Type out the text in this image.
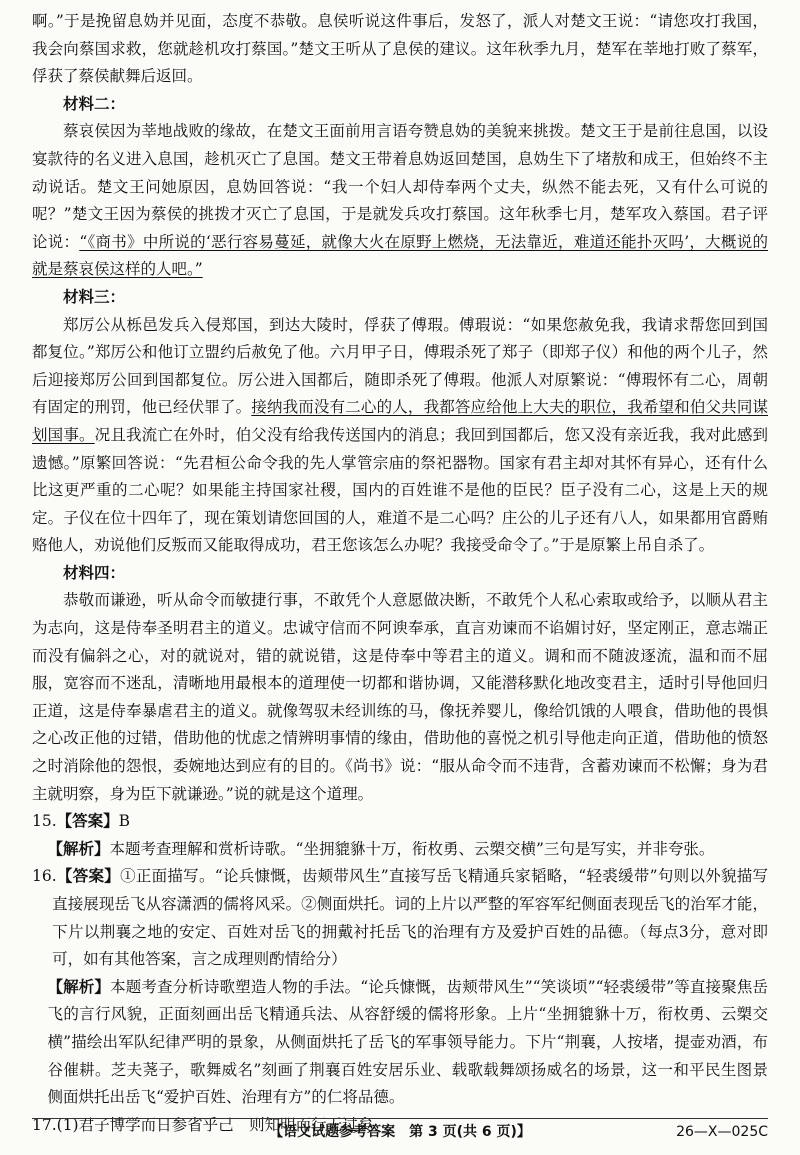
啊。”于是挽留息妫并见面，态度不恭敬。息侯听说这件事后，发怒了，派人对楚文王说：“请您攻打我国，我会向蔡国求救，您就趁机攻打蔡国。”楚文王听从了息侯的建议。这年秋季九月，楚军在莘地打败了蔡军，俘获了蔡侯献舞后返回。

材料二：

蔡哀侯因为莘地战败的缘故，在楚文王面前用言语夸赞息妫的美貌来挑拨。楚文王于是前往息国，以设宴款待的名义进入息国，趁机灭亡了息国。楚文王带着息妫返回楚国，息妫生下了堵敖和成王，但始终不主动说话。楚文王问她原因，息妫回答说：“我一个妇人却侍奉两个丈夫，纵然不能去死，又有什么可说的呢？”楚文王因为蔡侯的挑拨才灭亡了息国，于是就发兵攻打蔡国。这年秋季七月，楚军攻入蔡国。君子评论说：“《商书》中所说的‘恶行容易蔓延，就像大火在原野上燃烧，无法靠近，难道还能扑灭吗’，大概说的就是蔡哀侯这样的人吧。”

材料三：

郑厉公从栎邑发兵入侵郑国，到达大陵时，俘获了傅瑕。傅瑕说：“如果您赦免我，我请求帮您回到国都复位。”郑厉公和他订立盟约后赦免了他。六月甲子日，傅瑕杀死了郑子（即郑子仪）和他的两个儿子，然后迎接郑厉公回到国都复位。厉公进入国都后，随即杀死了傅瑕。他派人对原繁说：“傅瑕怀有二心，周朝有固定的刑罚，他已经伏罪了。接纳我而没有二心的人，我都答应给他上大夫的职位，我希望和伯父共同谋划国事。况且我流亡在外时，伯父没有给我传送国内的消息；我回到国都后，您又没有亲近我，我对此感到遗憾。”原繁回答说：“先君桓公命令我的先人掌管宗庙的祭祀器物。国家有君主却对其怀有异心，还有什么比这更严重的二心呢？如果能主持国家社稷，国内的百姓谁不是他的臣民？臣子没有二心，这是上天的规定。子仪在位十四年了，现在策划请您回国的人，难道不是二心吗？庄公的儿子还有八人，如果都用官爵贿赂他人，劝说他们反叛而又能取得成功，君王您该怎么办呢？我接受命令了。”于是原繁上吊自杀了。

材料四：

恭敬而谦逊，听从命令而敏捷行事，不敢凭个人意愿做决断，不敢凭个人私心索取或给予，以顺从君主为志向，这是侍奉圣明君主的道义。忠诚守信而不阿谀奉承，直言劝谏而不谄媚讨好，坚定刚正，意志端正而没有偏斜之心，对的就说对，错的就说错，这是侍奉中等君主的道义。调和而不随波逐流，温和而不屈服，宽容而不迷乱，清晰地用最根本的道理使一切都和谐协调，又能潜移默化地改变君主，适时引导他回归正道，这是侍奉暴虐君主的道义。就像驾驭未经训练的马，像抚养婴儿，像给饥饿的人喂食，借助他的畏惧之心改正他的过错，借助他的忧虑之情辨明事情的缘由，借助他的喜悦之机引导他走向正道，借助他的愤怒之时消除他的怨恨，委婉地达到应有的目的。《尚书》说：“服从命令而不违背，含蓄劝谏而不松懈；身为君主就明察，身为臣下就谦逊。”说的就是这个道理。

15.【答案】B

【解析】本题考查理解和赏析诗歌。“坐拥貔貅十万，衔枚勇、云槊交横”三句是写实，并非夸张。

16.【答案】①正面描写。“论兵慷慨，齿颊带风生”直接写岳飞精通兵家韬略，“轻裘缓带”句则以外貌描写直接展现岳飞从容潇洒的儒将风采。②侧面烘托。词的上片以严整的军容军纪侧面表现岳飞的治军才能，下片以荆襄之地的安定、百姓对岳飞的拥戴衬托岳飞的治理有方及爱护百姓的品德。（每点3分，意对即可，如有其他答案，言之成理则酌情给分）

【解析】本题考查分析诗歌塑造人物的手法。“论兵慷慨，齿颊带风生”“笑谈顷”“轻裘缓带”等直接聚焦岳飞的言行风貌，正面刻画出岳飞精通兵法、从容舒缓的儒将形象。上片“坐拥貔貅十万，衔枚勇、云槊交横”描绘出军队纪律严明的景象，从侧面烘托了岳飞的军事领导能力。下片“荆襄，人按堵，提壶劝酒，布谷催耕。芝夫荛子，歌舞威名”刻画了荆襄百姓安居乐业、载歌载舞颂扬威名的场景，这一和平民生图景侧面烘托出岳飞“爱护百姓、治理有方”的仁将品德。

17.(1)君子博学而日参省乎己　则知明而行无过矣

【语文试题参考答案　第 3 页(共 6 页)】	26—X—025C
